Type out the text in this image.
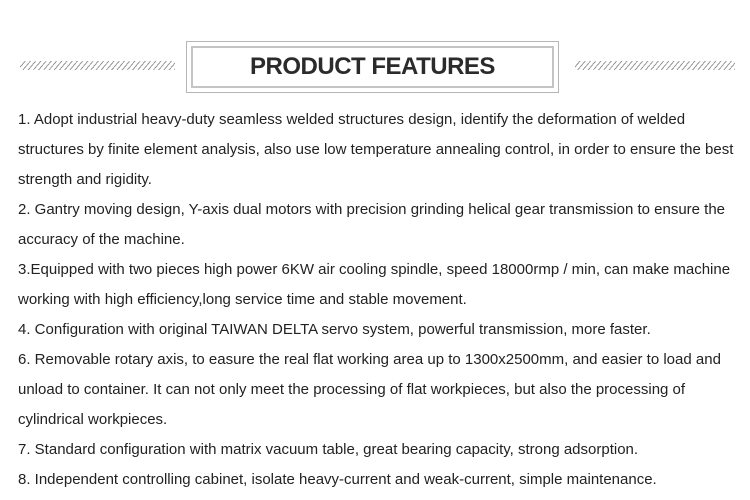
PRODUCT FEATURES

1. Adopt industrial heavy-duty seamless welded structures design, identify the deformation of welded structures by finite element analysis, also use low temperature annealing control, in order to ensure the best strength and rigidity.

2. Gantry moving design, Y-axis dual motors with precision grinding helical gear transmission to ensure the accuracy of the machine.

3.Equipped with two pieces high power 6KW air cooling spindle, speed 18000rmp / min, can make machine working with high efficiency,long service time and stable movement.

4. Configuration with original TAIWAN DELTA servo system, powerful transmission, more faster.

6. Removable rotary axis, to easure the real flat working area up to 1300x2500mm, and easier to load and unload to container. It can not only meet the processing of flat workpieces, but also the processing of cylindrical workpieces.

7. Standard configuration with matrix vacuum table, great bearing capacity, strong adsorption.

8. Independent controlling cabinet, isolate heavy-current and weak-current, simple maintenance.
